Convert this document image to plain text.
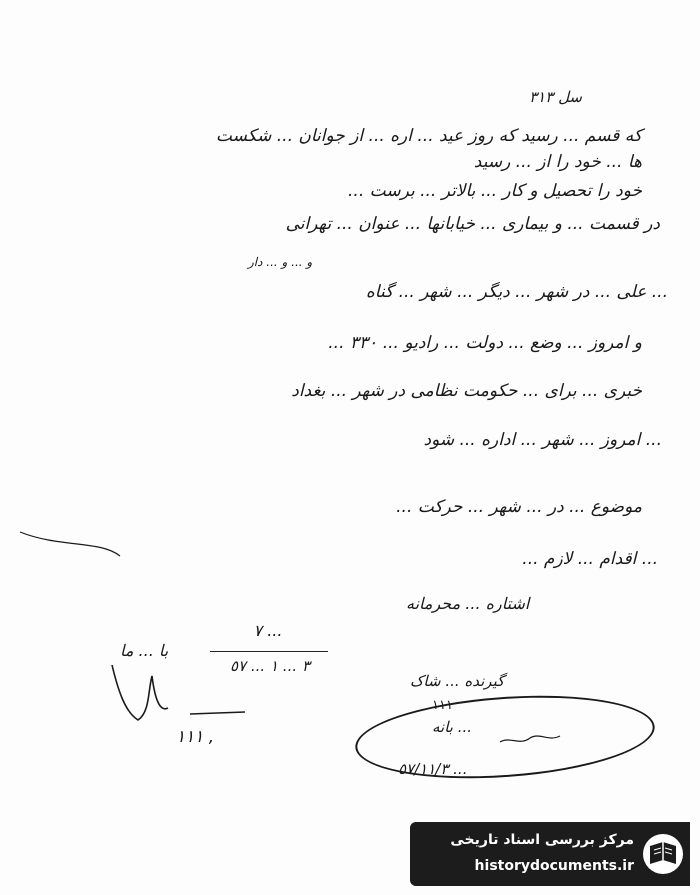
سل ٣١٣
که قسم ... رسید که روز عید ... اره ... از جوانان ... شکست
ها ... خود را از ... رسید
خود را تحصیل و کار ... بالاتر ... برست ...
در قسمت ... و بیماری ... خیابانها ... عنوان ... تهرانی
و ... و ... دار
... علی ... در شهر ... دیگر ... شهر ... گناه
و امروز ... وضع ... دولت ... رادیو ... ٣٣٠ ...
خبری ... برای ... حکومت نظامی در شهر ... بغداد
... امروز ... شهر ... اداره ... شود
موضوع ... در ... شهر ... حرکت ...
... اقدام ... لازم ...
اشتاره ... محرمانه
٧ ...
٣ ... ١ ... ٥٧
با ... ما
١١١ ,
گیرنده ... شاک
١١١
... بانه
٥٧/١١/٣ ...
مرکز بررسی اسناد تاریخی
historydocuments.ir
